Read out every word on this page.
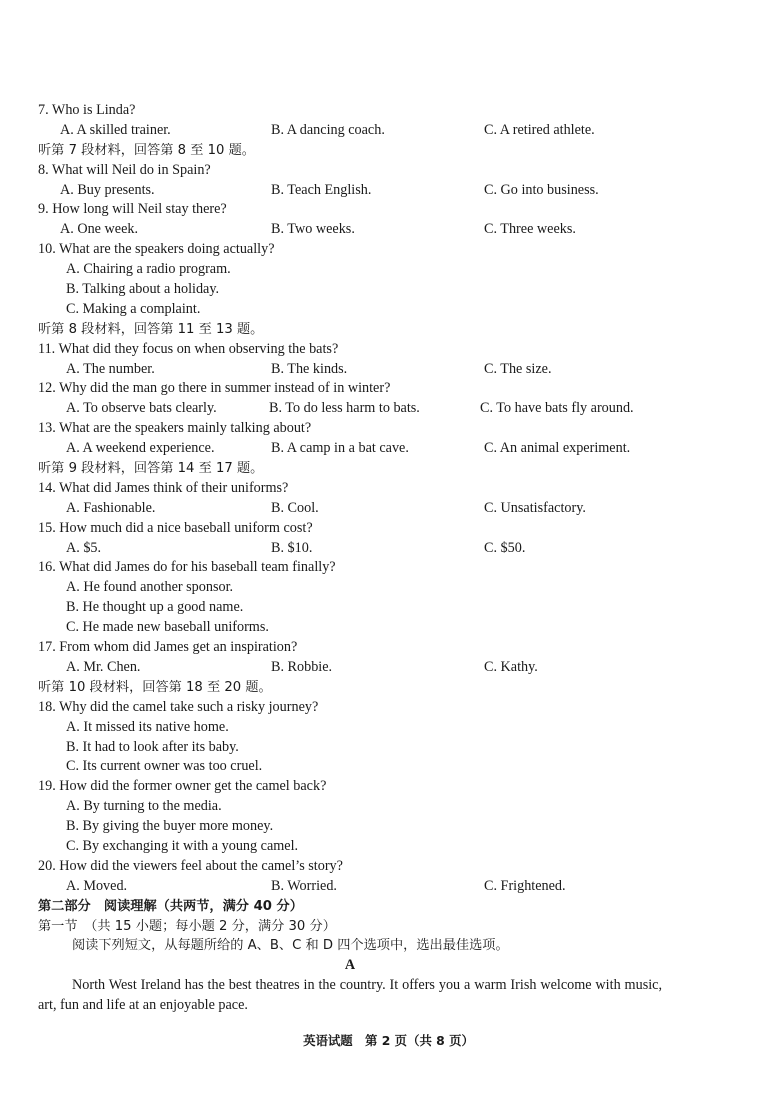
7. Who is Linda?
A. A skilled trainer.	B. A dancing coach.	C. A retired athlete.
听第 7 段材料，回答第 8 至 10 题。
8. What will Neil do in Spain?
A. Buy presents.	B. Teach English.	C. Go into business.
9. How long will Neil stay there?
A. One week.	B. Two weeks.	C. Three weeks.
10. What are the speakers doing actually?
A. Chairing a radio program.
B. Talking about a holiday.
C. Making a complaint.
听第 8 段材料，回答第 11 至 13 题。
11. What did they focus on when observing the bats?
A. The number.	B. The kinds.	C. The size.
12. Why did the man go there in summer instead of in winter?
A. To observe bats clearly.	B. To do less harm to bats.	C. To have bats fly around.
13. What are the speakers mainly talking about?
A. A weekend experience.	B. A camp in a bat cave.	C. An animal experiment.
听第 9 段材料，回答第 14 至 17 题。
14. What did James think of their uniforms?
A. Fashionable.	B. Cool.	C. Unsatisfactory.
15. How much did a nice baseball uniform cost?
A. $5.	B. $10.	C. $50.
16. What did James do for his baseball team finally?
A. He found another sponsor.
B. He thought up a good name.
C. He made new baseball uniforms.
17. From whom did James get an inspiration?
A. Mr. Chen.	B. Robbie.	C. Kathy.
听第 10 段材料，回答第 18 至 20 题。
18. Why did the camel take such a risky journey?
A. It missed its native home.
B. It had to look after its baby.
C. Its current owner was too cruel.
19. How did the former owner get the camel back?
A. By turning to the media.
B. By giving the buyer more money.
C. By exchanging it with a young camel.
20. How did the viewers feel about the camel’s story?
A. Moved.	B. Worried.	C. Frightened.
第二部分　阅读理解（共两节，满分 40 分）
第一节　（共 15 小题；每小题 2 分，满分 30 分）
阅读下列短文，从每题所给的 A、B、C 和 D 四个选项中，选出最佳选项。
A
North West Ireland has the best theatres in the country. It offers you a warm Irish welcome with music, art, fun and life at an enjoyable pace.
英语试题　第 2 页（共 8 页）
